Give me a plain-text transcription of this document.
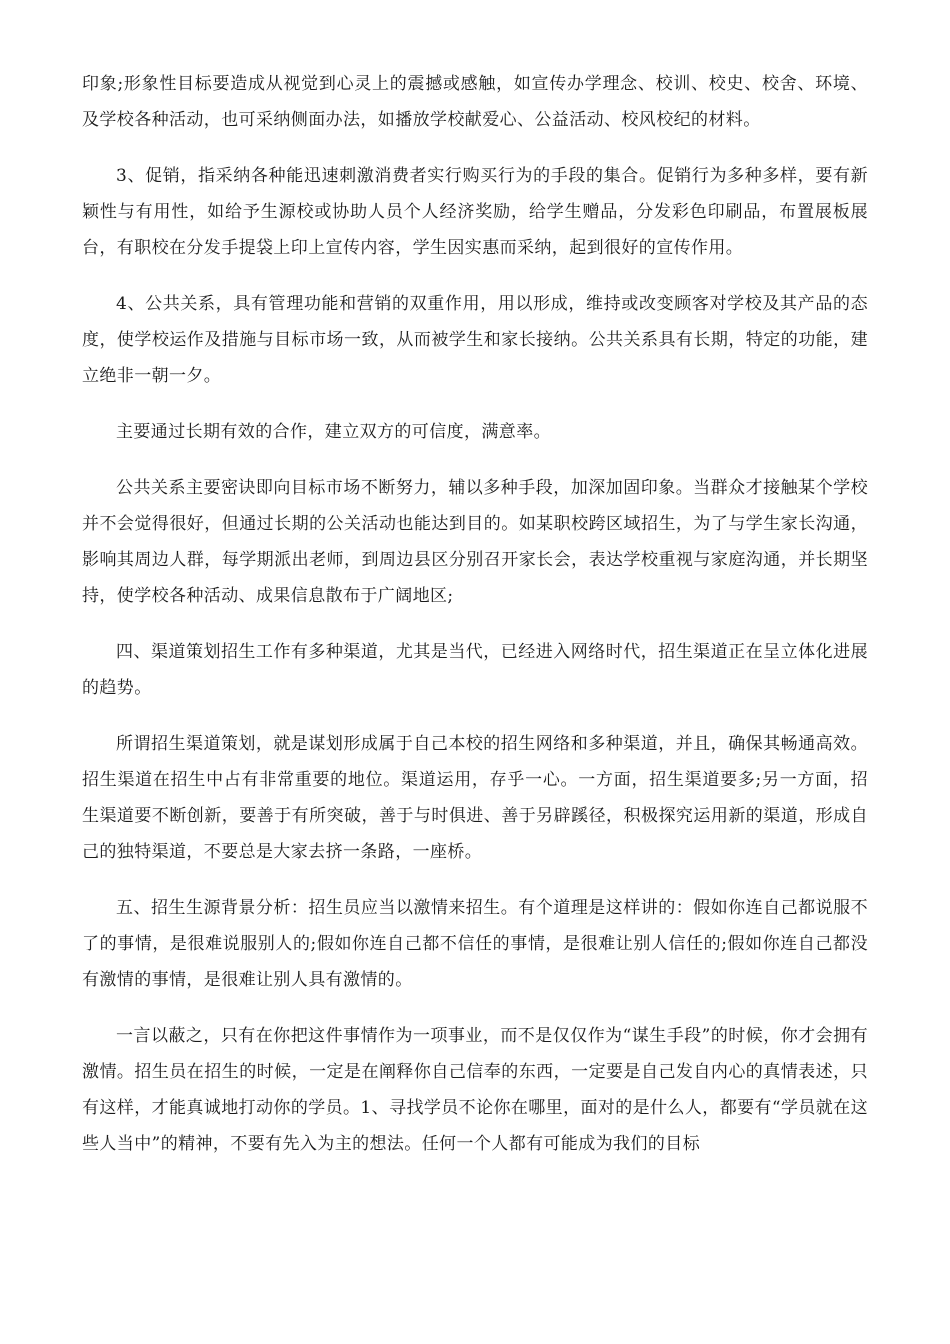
印象;形象性目标要造成从视觉到心灵上的震撼或感触，如宣传办学理念、校训、校史、校舍、环境、及学校各种活动，也可采纳侧面办法，如播放学校献爱心、公益活动、校风校纪的材料。

3、促销，指采纳各种能迅速刺激消费者实行购买行为的手段的集合。促销行为多种多样，要有新颖性与有用性，如给予生源校或协助人员个人经济奖励，给学生赠品，分发彩色印刷品，布置展板展台，有职校在分发手提袋上印上宣传内容，学生因实惠而采纳，起到很好的宣传作用。

4、公共关系，具有管理功能和营销的双重作用，用以形成，维持或改变顾客对学校及其产品的态度，使学校运作及措施与目标市场一致，从而被学生和家长接纳。公共关系具有长期，特定的功能，建立绝非一朝一夕。

主要通过长期有效的合作，建立双方的可信度，满意率。

公共关系主要密诀即向目标市场不断努力，辅以多种手段，加深加固印象。当群众才接触某个学校并不会觉得很好，但通过长期的公关活动也能达到目的。如某职校跨区域招生，为了与学生家长沟通，影响其周边人群，每学期派出老师，到周边县区分别召开家长会，表达学校重视与家庭沟通，并长期坚持，使学校各种活动、成果信息散布于广阔地区;

四、渠道策划招生工作有多种渠道，尤其是当代，已经进入网络时代，招生渠道正在呈立体化进展的趋势。

所谓招生渠道策划，就是谋划形成属于自己本校的招生网络和多种渠道，并且，确保其畅通高效。招生渠道在招生中占有非常重要的地位。渠道运用，存乎一心。一方面，招生渠道要多;另一方面，招生渠道要不断创新，要善于有所突破，善于与时俱进、善于另辟蹊径，积极探究运用新的渠道，形成自己的独特渠道，不要总是大家去挤一条路，一座桥。

五、招生生源背景分析：招生员应当以激情来招生。有个道理是这样讲的：假如你连自己都说服不了的事情，是很难说服别人的;假如你连自己都不信任的事情，是很难让别人信任的;假如你连自己都没有激情的事情，是很难让别人具有激情的。

一言以蔽之，只有在你把这件事情作为一项事业，而不是仅仅作为“谋生手段”的时候，你才会拥有激情。招生员在招生的时候，一定是在阐释你自己信奉的东西，一定要是自己发自内心的真情表述，只有这样，才能真诚地打动你的学员。1、寻找学员不论你在哪里，面对的是什么人，都要有“学员就在这些人当中”的精神，不要有先入为主的想法。任何一个人都有可能成为我们的目标
